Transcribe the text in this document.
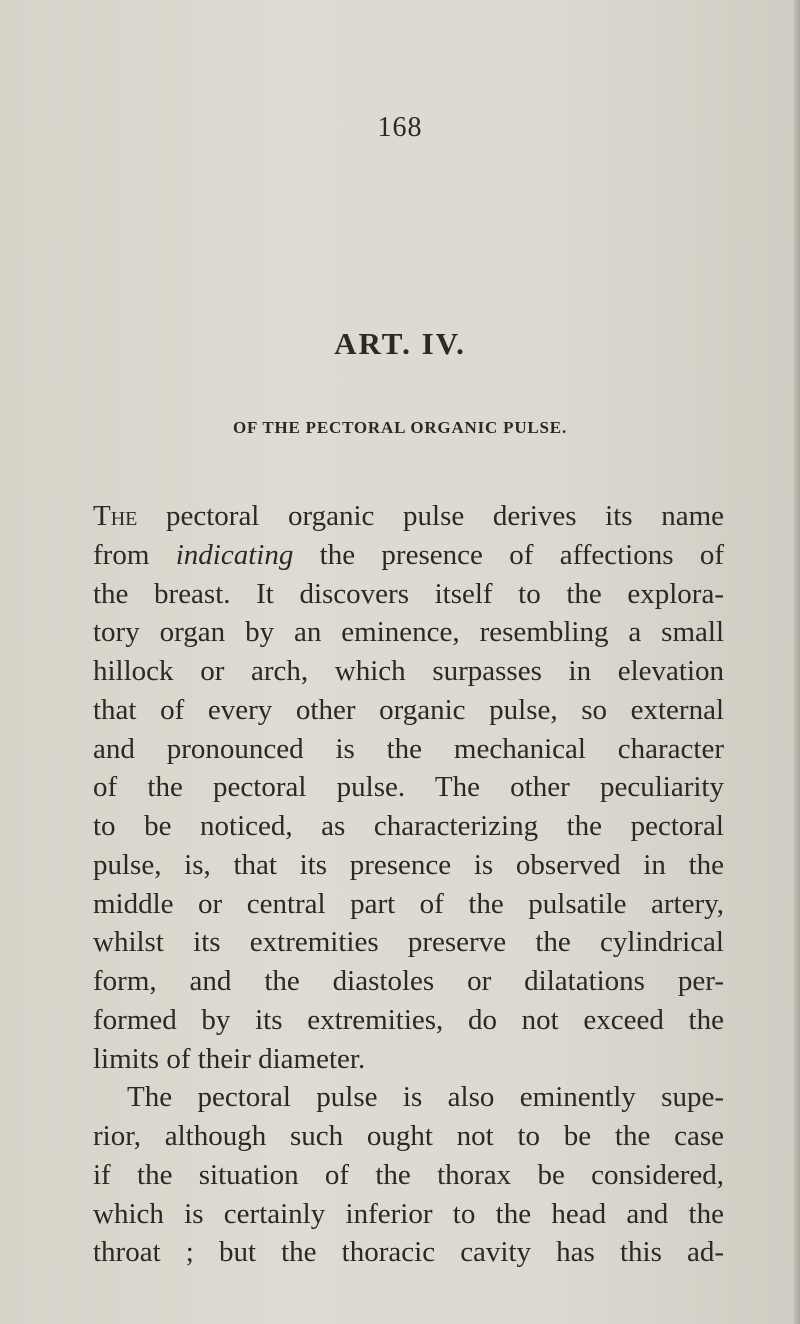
168
ART. IV.
OF THE PECTORAL ORGANIC PULSE.
The pectoral organic pulse derives its name
from indicating the presence of affections of
the breast. It discovers itself to the explora-
tory organ by an eminence, resembling a small
hillock or arch, which surpasses in elevation
that of every other organic pulse, so external
and pronounced is the mechanical character
of the pectoral pulse. The other peculiarity
to be noticed, as characterizing the pectoral
pulse, is, that its presence is observed in the
middle or central part of the pulsatile artery,
whilst its extremities preserve the cylindrical
form, and the diastoles or dilatations per-
formed by its extremities, do not exceed the
limits of their diameter.
The pectoral pulse is also eminently supe-
rior, although such ought not to be the case
if the situation of the thorax be considered,
which is certainly inferior to the head and the
throat ; but the thoracic cavity has this ad-
